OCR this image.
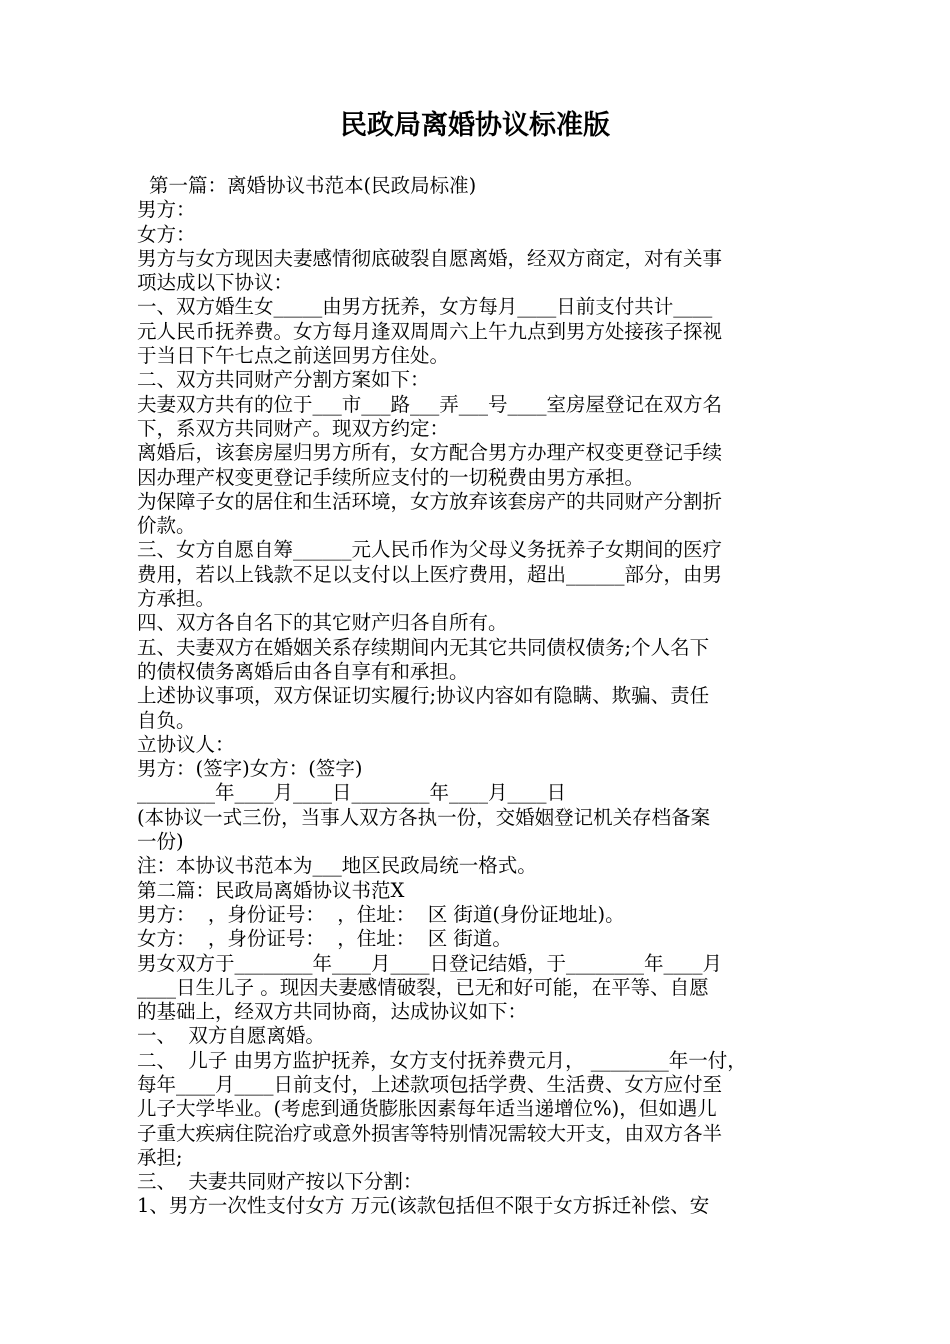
民政局离婚协议标准版
第一篇：离婚协议书范本(民政局标准)
男方：
女方：
男方与女方现因夫妻感情彻底破裂自愿离婚，经双方商定，对有关事
项达成以下协议：
一、双方婚生女_____由男方抚养，女方每月____日前支付共计____
元人民币抚养费。女方每月逢双周周六上午九点到男方处接孩子探视
于当日下午七点之前送回男方住处。
二、双方共同财产分割方案如下：
夫妻双方共有的位于___市___路___弄___号____室房屋登记在双方名
下，系双方共同财产。现双方约定：
离婚后，该套房屋归男方所有，女方配合男方办理产权变更登记手续
因办理产权变更登记手续所应支付的一切税费由男方承担。
为保障子女的居住和生活环境，女方放弃该套房产的共同财产分割折
价款。
三、女方自愿自筹______元人民币作为父母义务抚养子女期间的医疗
费用，若以上钱款不足以支付以上医疗费用，超出______部分，由男
方承担。
四、双方各自名下的其它财产归各自所有。
五、夫妻双方在婚姻关系存续期间内无其它共同债权债务;个人名下
的债权债务离婚后由各自享有和承担。
上述协议事项，双方保证切实履行;协议内容如有隐瞒、欺骗、责任
自负。
立协议人：
男方：(签字)女方：(签字)
________年____月____日________年____月____日
(本协议一式三份，当事人双方各执一份，交婚姻登记机关存档备案
一份)
注：本协议书范本为___地区民政局统一格式。
第二篇：民政局离婚协议书范X
男方：  ，身份证号：  ，住址：  区 街道(身份证地址)。
女方：  ，身份证号：  ，住址：  区 街道。
男女双方于________年____月____日登记结婚，于________年____月
____日生儿子 。现因夫妻感情破裂，已无和好可能，在平等、自愿
的基础上，经双方共同协商，达成协议如下：
一、  双方自愿离婚。
二、  儿子 由男方监护抚养，女方支付抚养费元月， ________年一付，
每年____月____日前支付，上述款项包括学费、生活费、女方应付至
儿子大学毕业。(考虑到通货膨胀因素每年适当递增位%)，但如遇儿
子重大疾病住院治疗或意外损害等特别情况需较大开支，由双方各半
承担;
三、  夫妻共同财产按以下分割：
1、男方一次性支付女方 万元(该款包括但不限于女方拆迁补偿、安
